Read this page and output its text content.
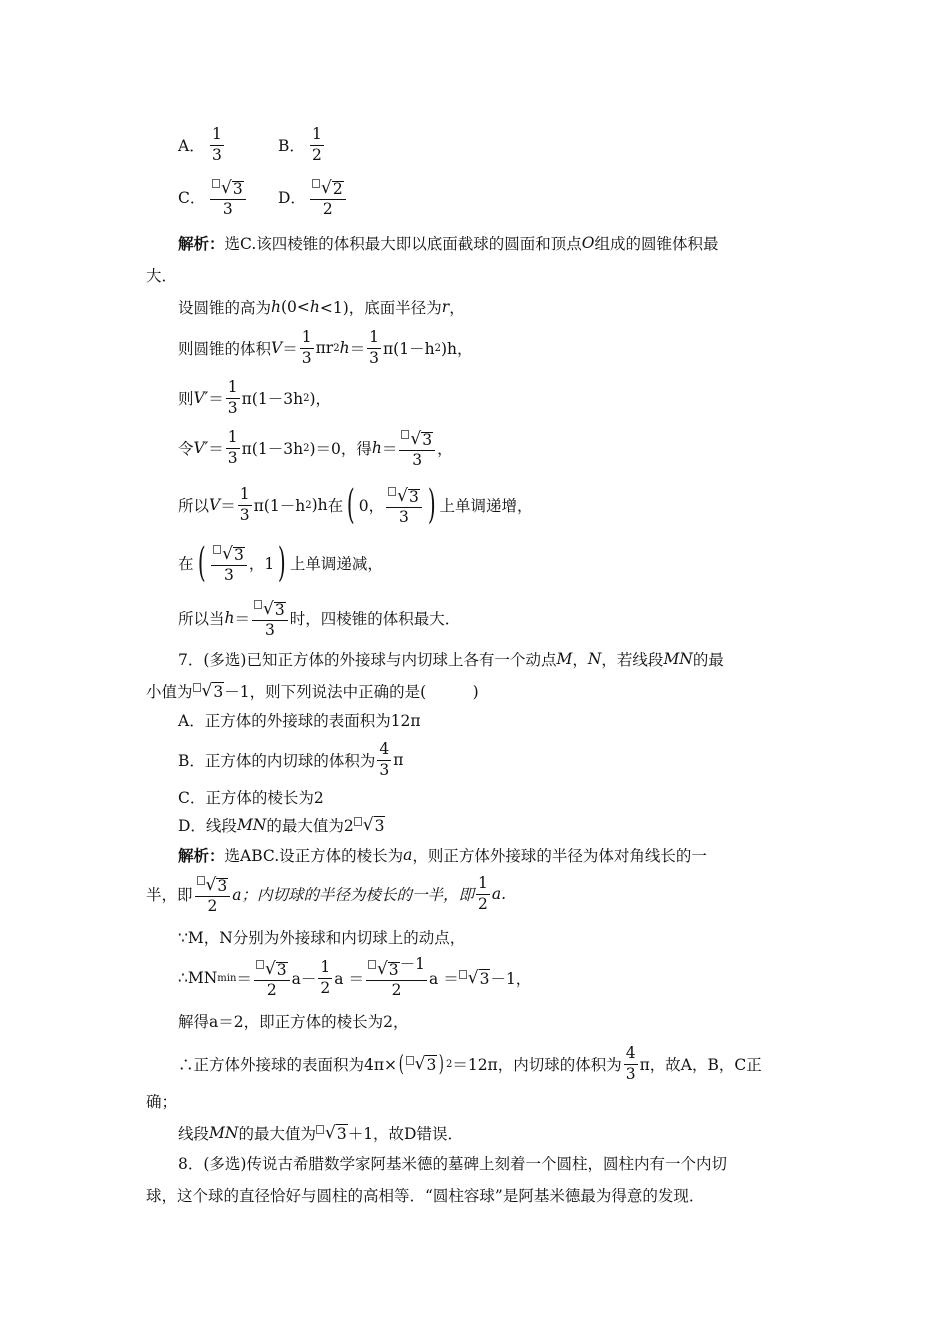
A． $\frac{1}{3}$	B． $\frac{1}{2}$
C． $\frac{√ 3}{3}$ D． $\frac{√ 2}{2}$
解析： 选C.该四棱锥的体积最大即以底面截球的圆面和顶点 O 组成的圆锥体积最
大．
设圆锥的高为 h (0< h <1)，底面半径为 r ，
则圆锥的体积 $V = \frac{1}{3}$ πr 2 $h = \frac{1}{3} \pi(1-h$ 2 )h，
则 $V' = \frac{1}{3} \pi(1-3h$ 2 )，
令 $V' = \frac{1}{3} \pi(1-3h$ 2 )＝0，得 $h = \frac{√ 3}{3}$ ，
所以 $V = \frac{1}{3} \pi(1-h$ 2 )h 在 ( 0， $\frac{√ 3}{3}$ ) 上单调递增，
在 ( $\frac{√ 3}{3}$ ，1 ) 上单调递减，
所以当 $h = \frac{√ 3}{3}$ 时，四棱锥的体积最大．
7．(多选)已知正方体的外接球与内切球上各有一个动点 M ， N ，若线段 MN 的最
小值为 √ 3 －1，则下列说法中正确的是(　　　)
A．正方体的外接球的表面积为12π
B．正方体的内切球的体积为 $\frac{4}{3}$ π
C．正方体的棱长为2
D．线段 MN 的最大值为2 √ 3
解析： 选ABC.设正方体的棱长为 a ，则正方体外接球的半径为体对角线长的一
半，即 $\frac{√ 3}{2}$ a；内切球的半径为棱长的一半，即 $\frac{1}{2} a$.
∵M，N分别为外接球和内切球上的动点，
∴MN $\min = \frac{√ 3}{2} a- \frac{1}{2}$ $a = \frac{√ 3 -1}{2}$ a ＝ √ 3 －1，
解得a＝2，即正方体的棱长为2，
∴正方体外接球的表面积为4π× ( √ 3 ) 2 ＝12π，内切球的体积为 $\frac{4}{3}$ π，故A，B，C正
确；
线段 MN 的最大值为 √ 3 ＋1，故D错误．
8．(多选)传说古希腊数学家阿基米德的墓碑上刻着一个圆柱，圆柱内有一个内切
球，这个球的直径恰好与圆柱的高相等．“圆柱容球”是阿基米德最为得意的发现．
